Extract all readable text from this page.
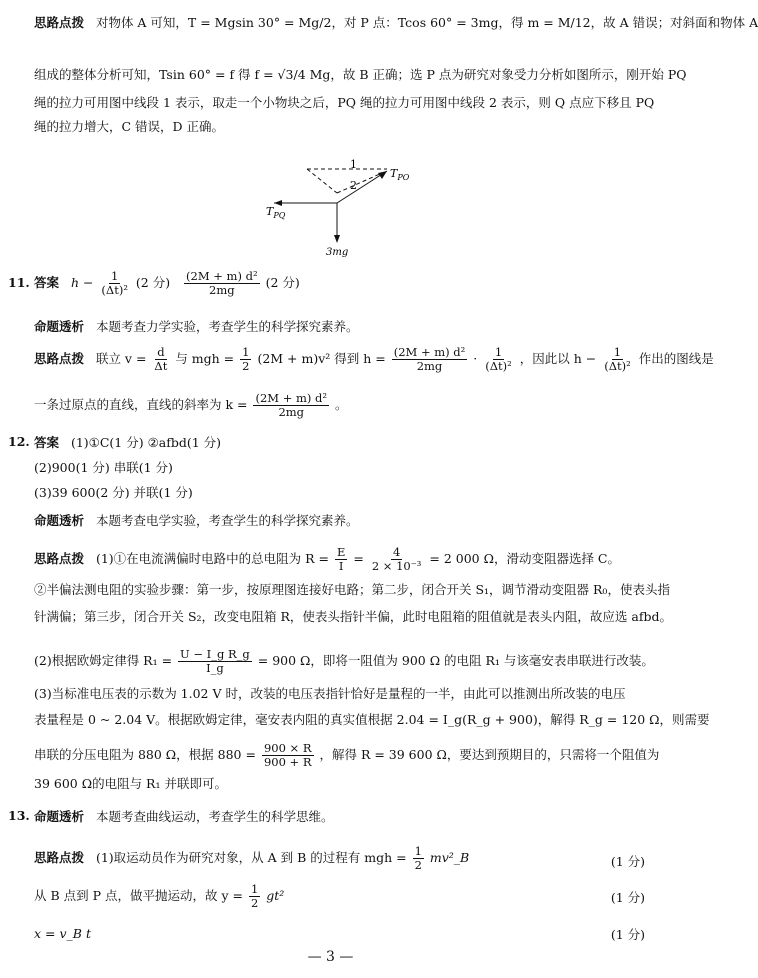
思路点拨 对物体 A 可知，T = Mgsin 30° = Mg/2，对 P 点：Tcos 60° = 3mg，得 m = M/12，故 A 错误；对斜面和物体 A
组成的整体分析可知，Tsin 60° = f 得 f = √3/4 Mg，故 B 正确；选 P 点为研究对象受力分析如图所示，刚开始 PQ
绳的拉力可用图中线段 1 表示，取走一个小物块之后，PQ 绳的拉力可用图中线段 2 表示，则 Q 点应下移且 PQ
绳的拉力增大，C 错误，D 正确。
1
2
$T_{PO}$
$T_{PQ}$
3mg
11. 答案 $h - \frac{1}{\text{(Δt)²}} (2$ 分) $\frac{\text{(2M + m) d²}}{2mg} (2$ 分)
命题透析 本题考查力学实验，考查学生的科学探究素养。
思路点拨 联立 $v = \frac{d}{\Delta t}$ 与 mgh = $\frac{1}{2} (2M + m)v^2$ 得到 $h = \frac{\text{(2M + m) d²}}{2mg} \cdot \frac{1}{\text{(Δt)²}}$ ，因此以 $h - \frac{1}{\text{(Δt)²}}$ 作出的图线是
一条过原点的直线，直线的斜率为 $k = \frac{\text{(2M + m) d²}}{2mg}$ 。
12. 答案 (1)①C(1 分) ②afbd(1 分)
(2)900(1 分) 串联(1 分)
(3)39 600(2 分) 并联(1 分)
命题透析 本题考查电学实验，考查学生的科学探究素养。
思路点拨 (1)①在电流满偏时电路中的总电阻为 $R = \frac{E}{I} = \frac{4}{\text{2 × 10⁻³}} = 2$ 000 Ω，滑动变阻器选择 C。
②半偏法测电阻的实验步骤：第一步，按原理图连接好电路；第二步，闭合开关 S₁，调节滑动变阻器 R₀，使表头指
针满偏；第三步，闭合开关 S₂，改变电阻箱 R，使表头指针半偏，此时电阻箱的阻值就是表头内阻，故应选 afbd。
(2)根据欧姆定律得 $R_1 = \frac{\text{U − I\_g R\_g}}{I\_g} = 900$ Ω，即将一阻值为 900 Ω 的电阻 R₁ 与该毫安表串联进行改装。
(3)当标准电压表的示数为 1.02 V 时，改装的电压表指针恰好是量程的一半，由此可以推测出所改装的电压
表量程是 0 ~ 2.04 V。根据欧姆定律，毫安表内阻的真实值根据 2.04 = I_g(R_g + 900)，解得 R_g = 120 Ω，则需要
串联的分压电阻为 880 Ω，根据 $880 = \frac{900 \times R}{900 + R}$ ，解得 R = 39 600 Ω，要达到预期目的，只需将一个阻值为
39 600 Ω的电阻与 R₁ 并联即可。
13. 命题透析 本题考查曲线运动，考查学生的科学思维。
思路点拨 (1)取运动员作为研究对象，从 A 到 B 的过程有 mgh = $\frac{1}{2}$ mv²_B	(1 分)
从 B 点到 P 点，做平抛运动，故 $y = \frac{1}{2} gt^2$	(1 分)
x = v_B t	(1 分)
— 3 —
